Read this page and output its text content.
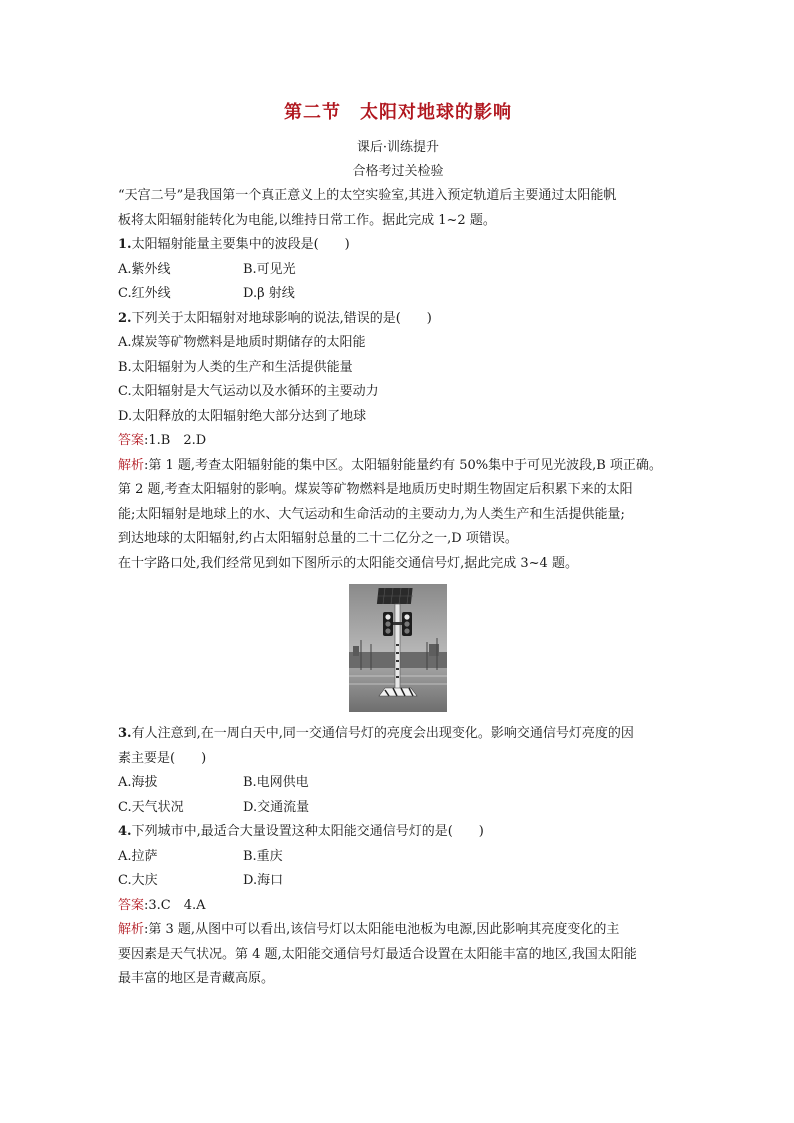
第二节　太阳对地球的影响
课后·训练提升
合格考过关检验

“天宫二号”是我国第一个真正意义上的太空实验室,其进入预定轨道后主要通过太阳能帆

板将太阳辐射能转化为电能,以维持日常工作。据此完成 1~2 题。

1.太阳辐射能量主要集中的波段是(　　)

A.紫外线	B.可见光
C.红外线	D.β 射线

2.下列关于太阳辐射对地球影响的说法,错误的是(　　)

A.煤炭等矿物燃料是地质时期储存的太阳能

B.太阳辐射为人类的生产和生活提供能量

C.太阳辐射是大气运动以及水循环的主要动力

D.太阳释放的太阳辐射绝大部分达到了地球

答案:1.B　2.D

解析:第 1 题,考查太阳辐射能的集中区。太阳辐射能量约有 50%集中于可见光波段,B 项正确。

第 2 题,考查太阳辐射的影响。煤炭等矿物燃料是地质历史时期生物固定后积累下来的太阳

能;太阳辐射是地球上的水、大气运动和生命活动的主要动力,为人类生产和生活提供能量;

到达地球的太阳辐射,约占太阳辐射总量的二十二亿分之一,D 项错误。

在十字路口处,我们经常见到如下图所示的太阳能交通信号灯,据此完成 3~4 题。

3.有人注意到,在一周白天中,同一交通信号灯的亮度会出现变化。影响交通信号灯亮度的因

素主要是(　　)

A.海拔	B.电网供电
C.天气状况	D.交通流量

4.下列城市中,最适合大量设置这种太阳能交通信号灯的是(　　)

A.拉萨	B.重庆
C.大庆	D.海口

答案:3.C　4.A

解析:第 3 题,从图中可以看出,该信号灯以太阳能电池板为电源,因此影响其亮度变化的主

要因素是天气状况。第 4 题,太阳能交通信号灯最适合设置在太阳能丰富的地区,我国太阳能

最丰富的地区是青藏高原。
